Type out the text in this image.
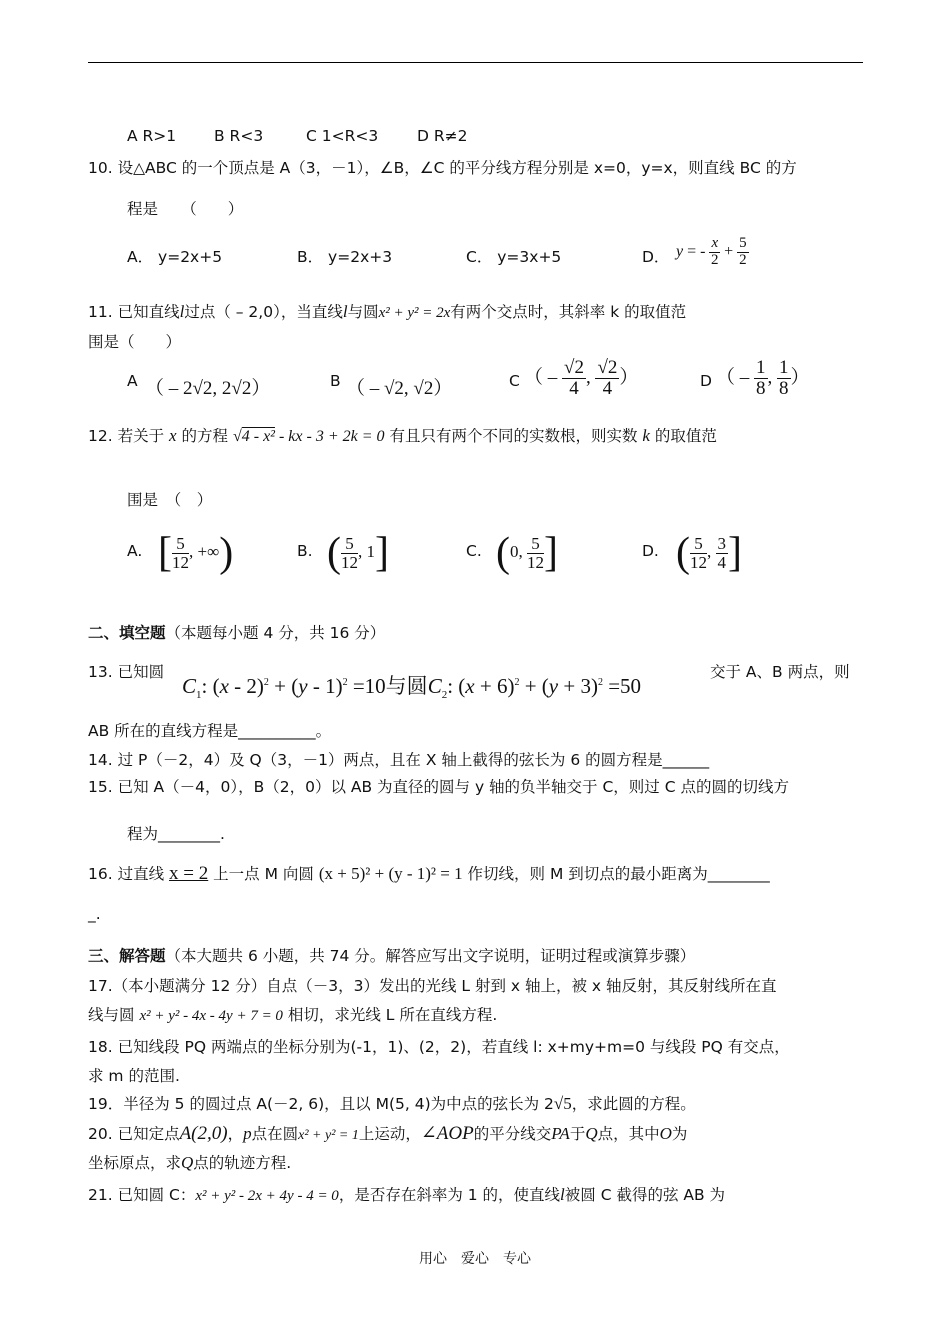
A R>1 B R<3	C 1<R<3	D R≠2
10. 设△ABC 的一个顶点是 A（3，－1），∠B，∠C 的平分线方程分别是 x=0，y=x，则直线 BC 的方
程是　　（　　）
A． y=2x+5	B． y=2x+3	C． y=3x+5	D． y = - $\frac{x}{2} + \frac{5}{2}$
11. 已知直线l过点（ – 2,0），当直线l与圆x² + y² = 2x有两个交点时，其斜率 k 的取值范
围是（　　）
A （ – 2√2, 2√2）	B （ – √2, √2）	C （ – $\frac{√2}{4}$ , $\frac{√2}{4}$ ）	D （ – $\frac{1}{8}$ , $\frac{1}{8}$ ）
12. 若关于 x 的方程 √4 - x² - kx - 3 + 2k = 0 有且只有两个不同的实数根，则实数 k 的取值范
围是　（　）
A. [ $\frac{5}{12}$ , +∞)	B. ( $\frac{5}{12}$ , 1]	C. (0, $\frac{5}{12}$ ]	D. ( $\frac{5}{12}$ , $\frac{3}{4}$ ]
二、填空题（本题每小题 4 分，共 16 分）
13. 已知圆
$C_1$: (x - 2)$^2$ + (y - 1)$^2$ =10与圆$C_2$: $(x + 6)^2 + (y + 3)^2 =50$
交于 A、B 两点，则
AB 所在的直线方程是__________。
14. 过 P（－2，4）及 Q（3，－1）两点，且在 X 轴上截得的弦长为 6 的圆方程是______
15. 已知 A（－4，0），B（2，0）以 AB 为直径的圆与 y 轴的负半轴交于 C，则过 C 点的圆的切线方
程为________.
16. 过直线 x = 2 上一点 M 向圆 (x + 5)² + (y - 1)² = 1 作切线，则 M 到切点的最小距离为________
_.
三、解答题（本大题共 6 小题，共 74 分。解答应写出文字说明，证明过程或演算步骤）
17.（本小题满分 12 分）自点（－3，3）发出的光线 L 射到 x 轴上，被 x 轴反射，其反射线所在直
线与圆 x² + y² - 4x - 4y + 7 = 0 相切，求光线 L 所在直线方程.
18. 已知线段 PQ 两端点的坐标分别为(-1，1)、(2，2)，若直线 l: x+my+m=0 与线段 PQ 有交点，
求 m 的范围.
19．半径为 5 的圆过点 A(－2, 6)，且以 M(5, 4)为中点的弦长为 2√5，求此圆的方程。
20. 已知定点A(2,0)，p点在圆x² + y² = 1上运动，∠AOP的平分线交PA于Q点，其中O为
坐标原点，求Q点的轨迹方程.
21. 已知圆 C：x² + y² - 2x + 4y - 4 = 0，是否存在斜率为 1 的，使直线l被圆 C 截得的弦 AB 为
用心　爱心　专心
